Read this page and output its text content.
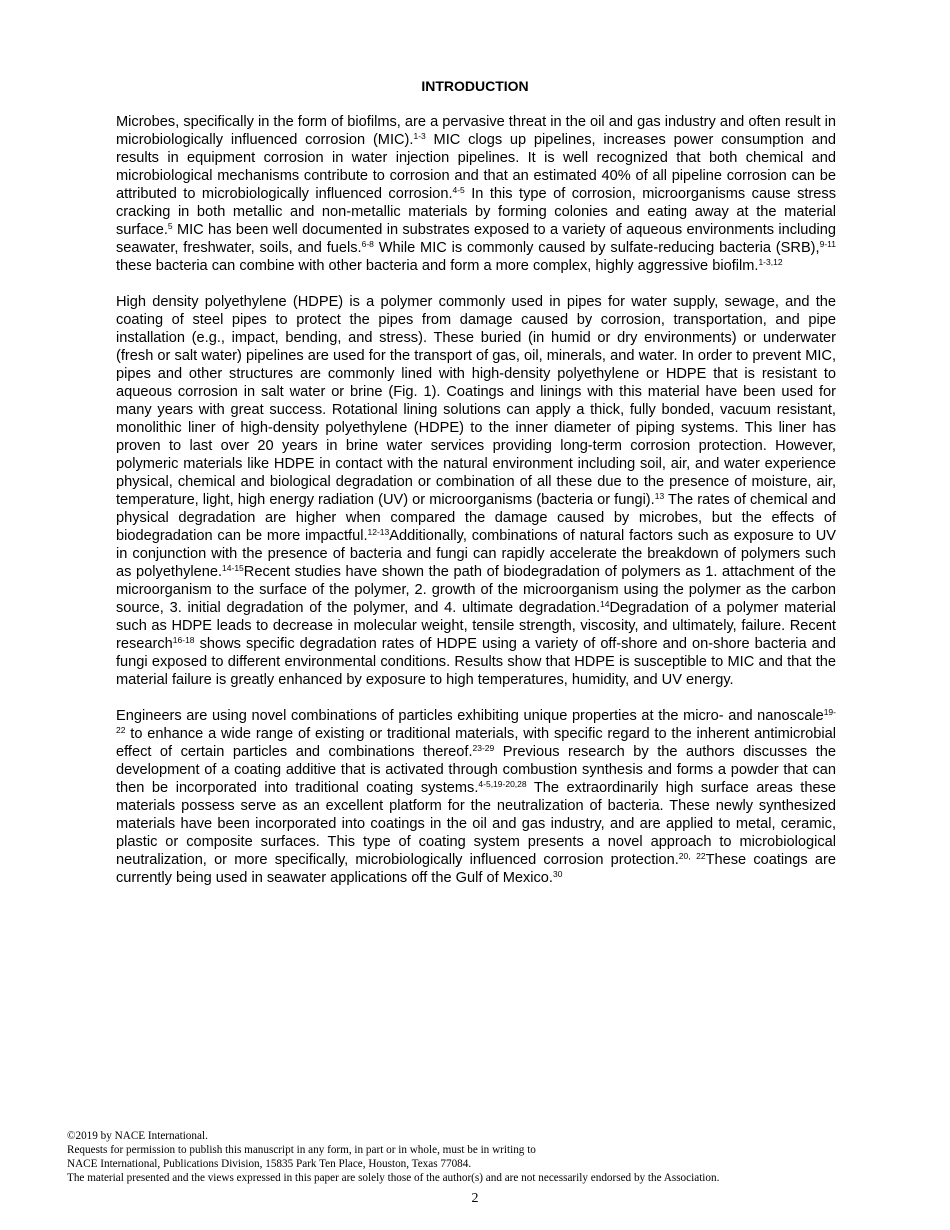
INTRODUCTION

Microbes, specifically in the form of biofilms, are a pervasive threat in the oil and gas industry and often result in microbiologically influenced corrosion (MIC).$^{1-3}$ MIC clogs up pipelines, increases power consumption and results in equipment corrosion in water injection pipelines. It is well recognized that both chemical and microbiological mechanisms contribute to corrosion and that an estimated 40% of all pipeline corrosion can be attributed to microbiologically influenced corrosion.$^{4-5}$ In this type of corrosion, microorganisms cause stress cracking in both metallic and non-metallic materials by forming colonies and eating away at the material surface.$^5$ MIC has been well documented in substrates exposed to a variety of aqueous environments including seawater, freshwater, soils, and fuels.$^{6-8}$ While MIC is commonly caused by sulfate-reducing bacteria (SRB),$^{9-11}$ these bacteria can combine with other bacteria and form a more complex, highly aggressive biofilm.$^{1-3,12}$

High density polyethylene (HDPE) is a polymer commonly used in pipes for water supply, sewage, and the coating of steel pipes to protect the pipes from damage caused by corrosion, transportation, and pipe installation (e.g., impact, bending, and stress). These buried (in humid or dry environments) or underwater (fresh or salt water) pipelines are used for the transport of gas, oil, minerals, and water. In order to prevent MIC, pipes and other structures are commonly lined with high-density polyethylene or HDPE that is resistant to aqueous corrosion in salt water or brine (Fig. 1). Coatings and linings with this material have been used for many years with great success. Rotational lining solutions can apply a thick, fully bonded, vacuum resistant, monolithic liner of high-density polyethylene (HDPE) to the inner diameter of piping systems. This liner has proven to last over 20 years in brine water services providing long-term corrosion protection. However, polymeric materials like HDPE in contact with the natural environment including soil, air, and water experience physical, chemical and biological degradation or combination of all these due to the presence of moisture, air, temperature, light, high energy radiation (UV) or microorganisms (bacteria or fungi).$^{13}$ The rates of chemical and physical degradation are higher when compared the damage caused by microbes, but the effects of biodegradation can be more impactful.$^{12-13}$Additionally, combinations of natural factors such as exposure to UV in conjunction with the presence of bacteria and fungi can rapidly accelerate the breakdown of polymers such as polyethylene.$^{14-15}$Recent studies have shown the path of biodegradation of polymers as 1. attachment of the microorganism to the surface of the polymer, 2. growth of the microorganism using the polymer as the carbon source, 3. initial degradation of the polymer, and 4. ultimate degradation.$^{14}$Degradation of a polymer material such as HDPE leads to decrease in molecular weight, tensile strength, viscosity, and ultimately, failure. Recent research$^{16-18}$ shows specific degradation rates of HDPE using a variety of off-shore and on-shore bacteria and fungi exposed to different environmental conditions. Results show that HDPE is susceptible to MIC and that the material failure is greatly enhanced by exposure to high temperatures, humidity, and UV energy.

Engineers are using novel combinations of particles exhibiting unique properties at the micro- and nanoscale$^{19-22}$ to enhance a wide range of existing or traditional materials, with specific regard to the inherent antimicrobial effect of certain particles and combinations thereof.$^{23-29}$ Previous research by the authors discusses the development of a coating additive that is activated through combustion synthesis and forms a powder that can then be incorporated into traditional coating systems.$^{4-5,19-20,28}$ The extraordinarily high surface areas these materials possess serve as an excellent platform for the neutralization of bacteria. These newly synthesized materials have been incorporated into coatings in the oil and gas industry, and are applied to metal, ceramic, plastic or composite surfaces. This type of coating system presents a novel approach to microbiological neutralization, or more specifically, microbiologically influenced corrosion protection.$^{20, 22}$These coatings are currently being used in seawater applications off the Gulf of Mexico.$^{30}$

©2019 by NACE International.
Requests for permission to publish this manuscript in any form, in part or in whole, must be in writing to
NACE International, Publications Division, 15835 Park Ten Place, Houston, Texas 77084.
The material presented and the views expressed in this paper are solely those of the author(s) and are not necessarily endorsed by the Association.
2
